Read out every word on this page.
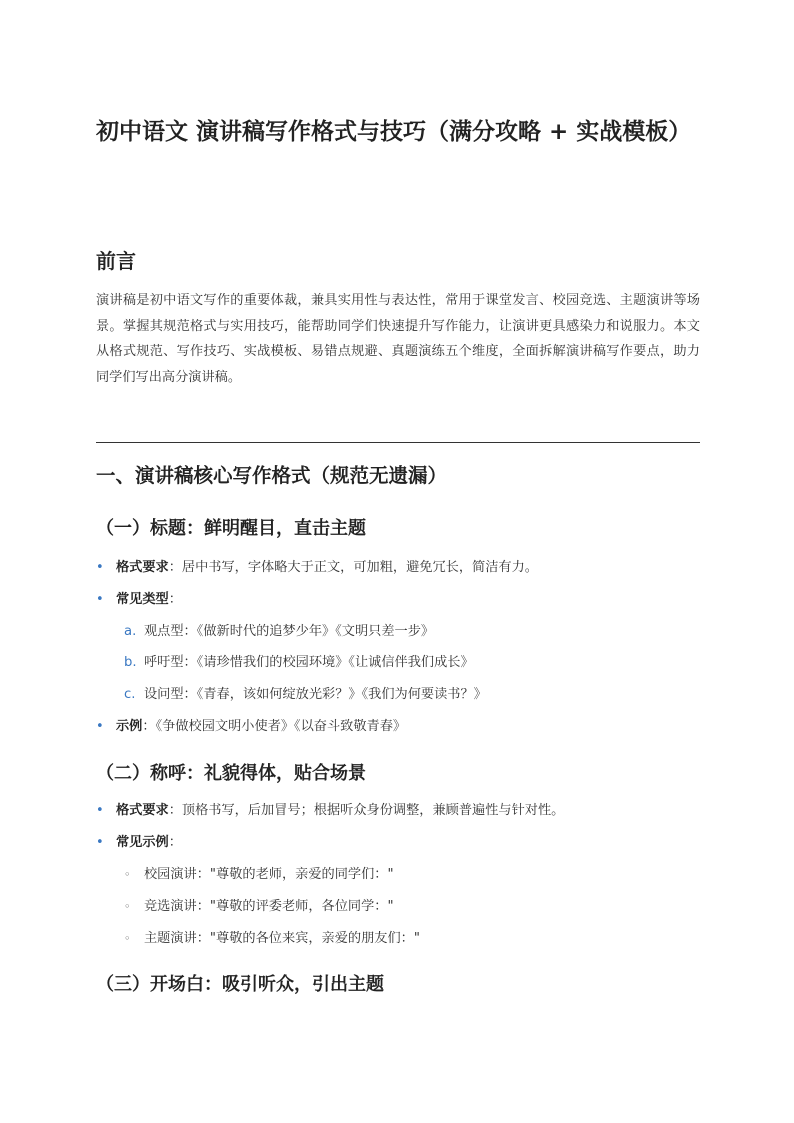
初中语文 演讲稿写作格式与技巧（满分攻略 + 实战模板）
前言

演讲稿是初中语文写作的重要体裁，兼具实用性与表达性，常用于课堂发言、校园竞选、主题演讲等场景。掌握其规范格式与实用技巧，能帮助同学们快速提升写作能力，让演讲更具感染力和说服力。本文从格式规范、写作技巧、实战模板、易错点规避、真题演练五个维度，全面拆解演讲稿写作要点，助力同学们写出高分演讲稿。

一、演讲稿核心写作格式（规范无遗漏）
（一）标题：鲜明醒目，直击主题
• 格式要求：居中书写，字体略大于正文，可加粗，避免冗长，简洁有力。
• 常见类型：
a. 观点型：《做新时代的追梦少年》《文明只差一步》
b. 呼吁型：《请珍惜我们的校园环境》《让诚信伴我们成长》
c. 设问型：《青春，该如何绽放光彩？》《我们为何要读书？》
• 示例：《争做校园文明小使者》《以奋斗致敬青春》
（二）称呼：礼貌得体，贴合场景
• 格式要求：顶格书写，后加冒号；根据听众身份调整，兼顾普遍性与针对性。
• 常见示例：
◦ 校园演讲："尊敬的老师，亲爱的同学们："
◦ 竞选演讲："尊敬的评委老师，各位同学："
◦ 主题演讲："尊敬的各位来宾，亲爱的朋友们："
（三）开场白：吸引听众，引出主题
